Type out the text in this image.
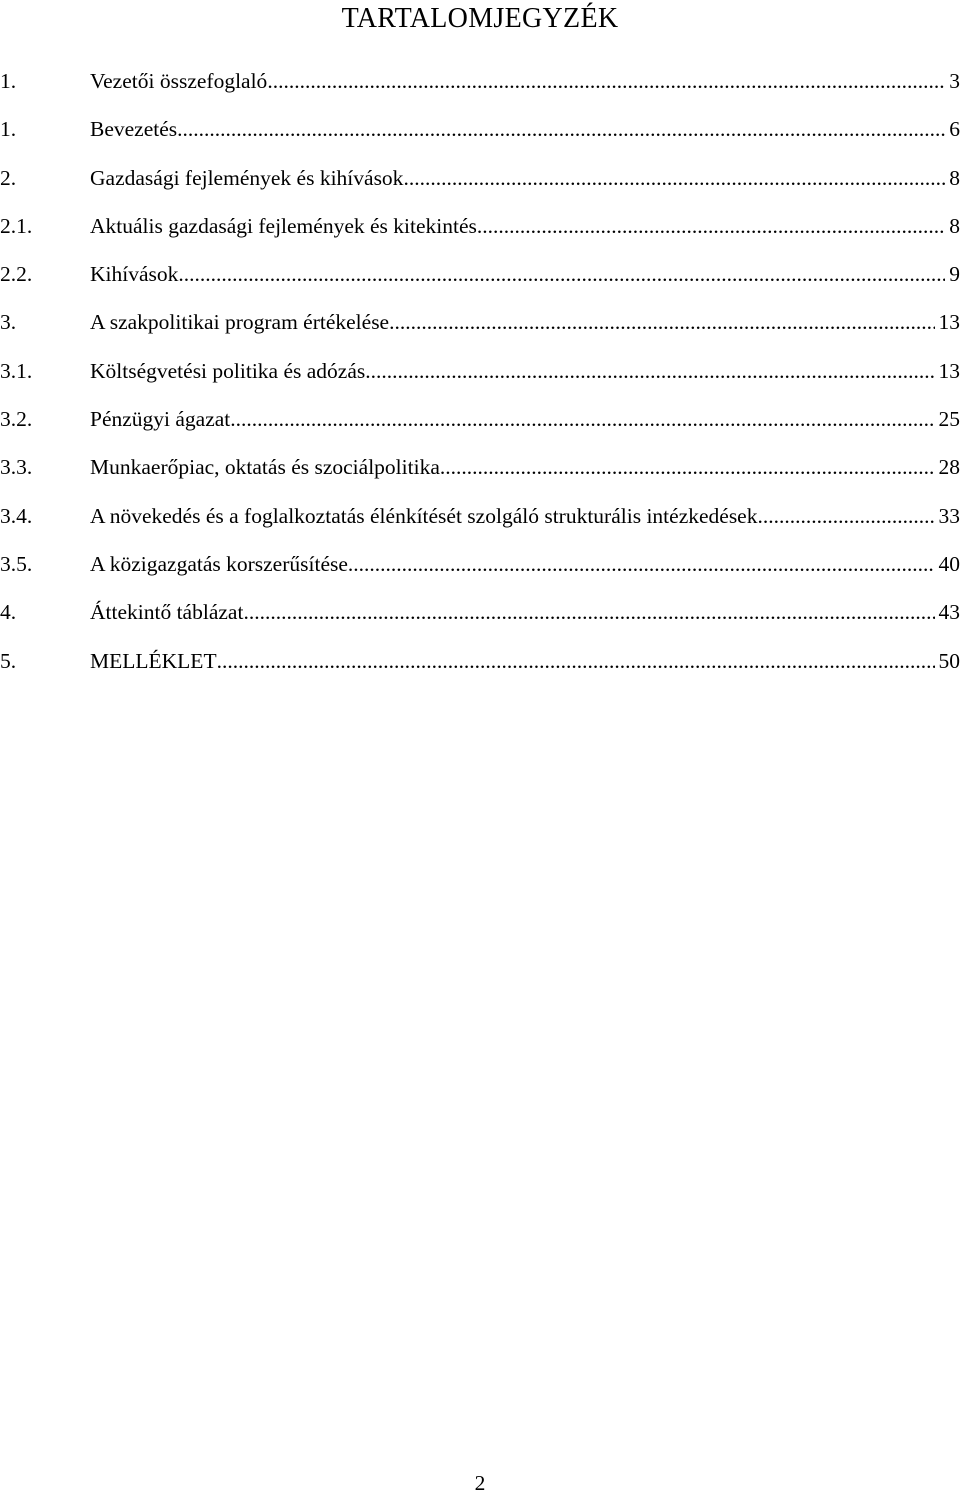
TARTALOMJEGYZÉK
1.	Vezetői összefoglaló .....	3
1.	Bevezetés .....	6
2.	Gazdasági fejlemények és kihívások .....	8
2.1.	Aktuális gazdasági fejlemények és kitekintés .....	8
2.2.	Kihívások .....	9
3.	A szakpolitikai program értékelése .....	13
3.1.	Költségvetési politika és adózás .....	13
3.2.	Pénzügyi ágazat .....	25
3.3.	Munkaerőpiac, oktatás és szociálpolitika .....	28
3.4.	A növekedés és a foglalkoztatás élénkítését szolgáló strukturális intézkedések .....	33
3.5.	A közigazgatás korszerűsítése .....	40
4.	Áttekintő táblázat .....	43
5.	MELLÉKLET .....	50
2
